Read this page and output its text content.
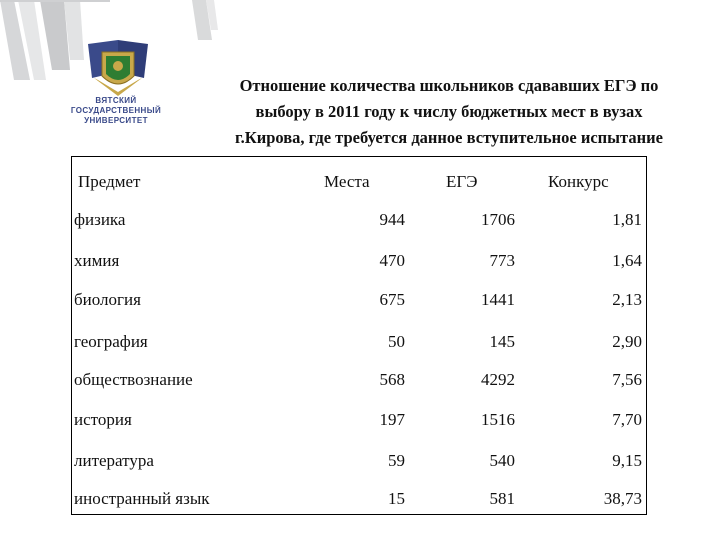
ВЯТСКИЙ
ГОСУДАРСТВЕННЫЙ
УНИВЕРСИТЕТ
Отношение количества школьников сдававших ЕГЭ по
выбору в 2011 году к числу бюджетных мест в вузах
г.Кирова, где требуется данное вступительное испытание
Предмет	Места	ЕГЭ	Конкурс
физика	944	1706	1,81
химия	470	773	1,64
биология	675	1441	2,13
география	50	145	2,90
обществознание	568	4292	7,56
история	197	1516	7,70
литература	59	540	9,15
иностранный язык	15	581	38,73
